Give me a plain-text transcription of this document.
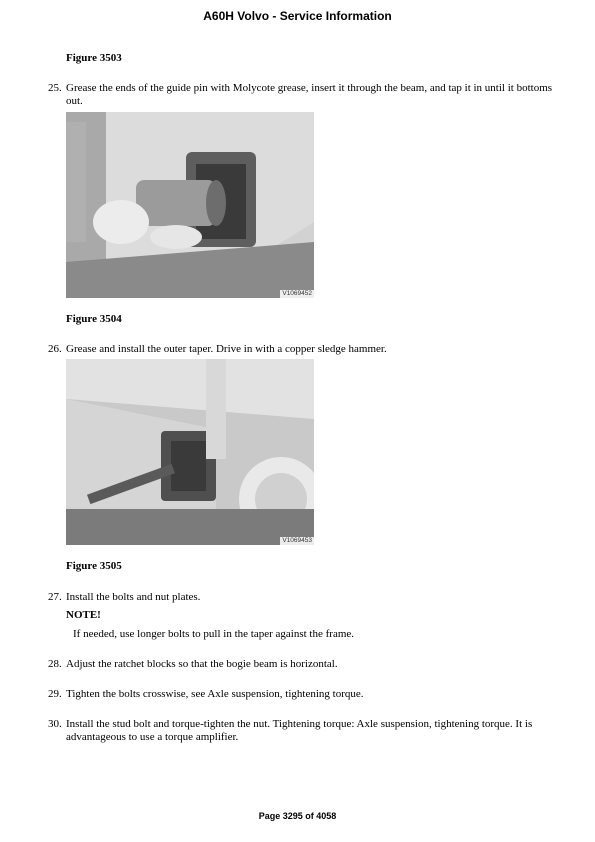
A60H Volvo - Service Information
Figure 3503
25. Grease the ends of the guide pin with Molycote grease, insert it through the beam, and tap it in until it bottoms out.
V1069452
Figure 3504
26. Grease and install the outer taper. Drive in with a copper sledge hammer.
V1069453
Figure 3505
27. Install the bolts and nut plates.
NOTE!
If needed, use longer bolts to pull in the taper against the frame.
28. Adjust the ratchet blocks so that the bogie beam is horizontal.
29. Tighten the bolts crosswise, see Axle suspension, tightening torque.
30. Install the stud bolt and torque-tighten the nut. Tightening torque: Axle suspension, tightening torque. It is advantageous to use a torque amplifier.
Page 3295 of 4058
